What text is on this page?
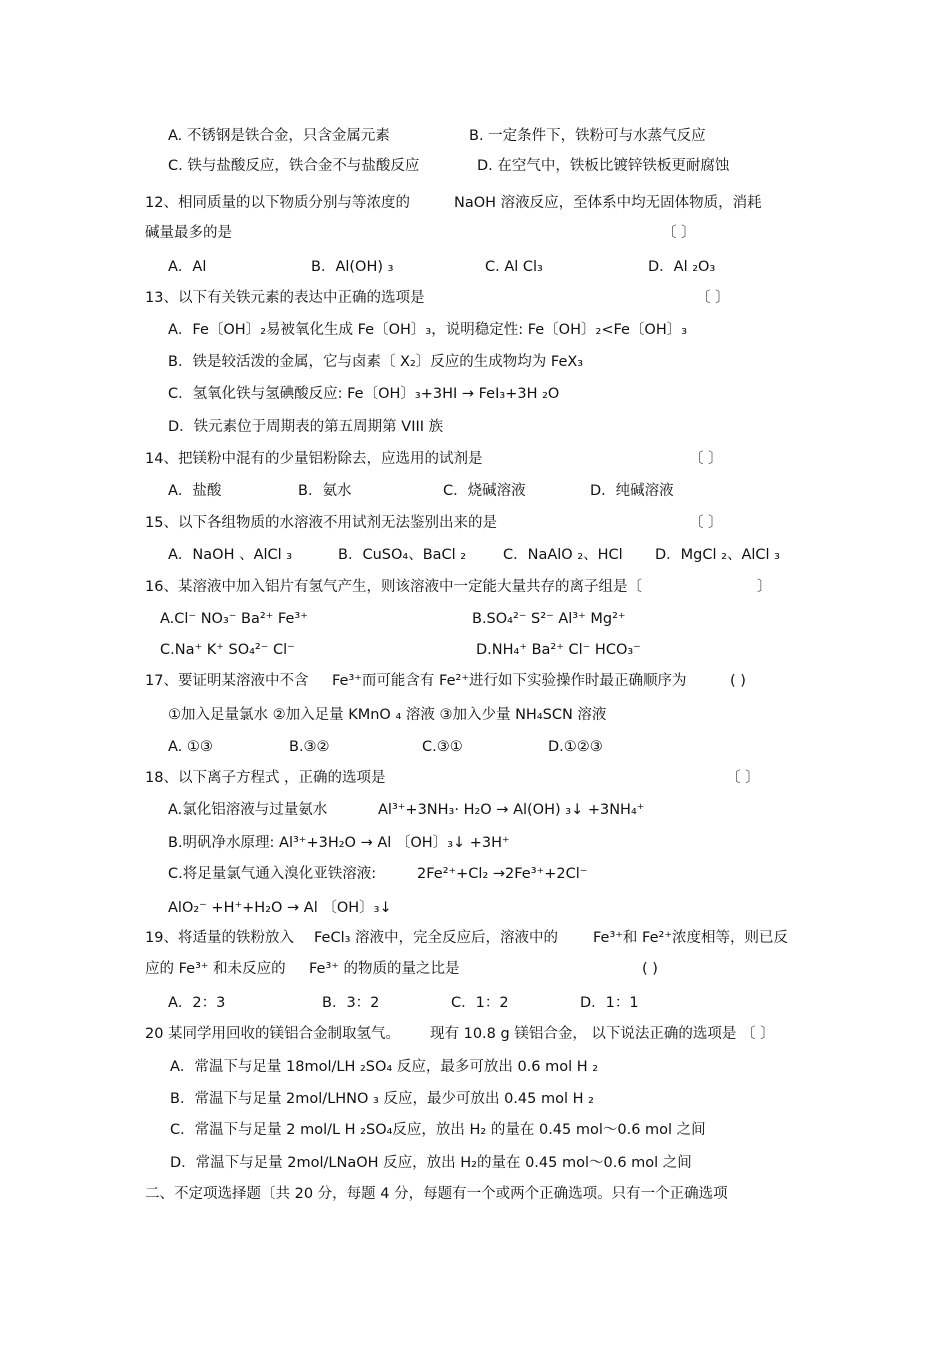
A. 不锈钢是铁合金，只含金属元素	B. 一定条件下，铁粉可与水蒸气反应
C. 铁与盐酸反应，铁合金不与盐酸反应	D. 在空气中，铁板比镀锌铁板更耐腐蚀
12、相同质量的以下物质分别与等浓度的	NaOH 溶液反应，至体系中均无固体物质，消耗
碱量最多的是	〔 〕
A．Al	B．Al(OH) ₃	C. Al Cl₃	D．Al ₂O₃
13、以下有关铁元素的表达中正确的选项是	〔 〕
A．Fe〔OH〕₂易被氧化生成 Fe〔OH〕₃，说明稳定性: Fe〔OH〕₂<Fe〔OH〕₃
B．铁是较活泼的金属，它与卤素〔 X₂〕反应的生成物均为 FeX₃
C．氢氧化铁与氢碘酸反应: Fe〔OH〕₃+3HI → FeI₃+3H ₂O
D．铁元素位于周期表的第五周期第 VIII 族
14、把镁粉中混有的少量铝粉除去，应选用的试剂是	〔 〕
A．盐酸	B．氨水	C．烧碱溶液	D．纯碱溶液
15、以下各组物质的水溶液不用试剂无法鉴别出来的是	〔 〕
A．NaOH 、AlCl ₃	B．CuSO₄、BaCl ₂	C．NaAlO ₂、HCl D．MgCl ₂、AlCl ₃
16、某溶液中加入铝片有氢气产生，则该溶液中一定能大量共存的离子组是〔	〕
A.Cl⁻ NO₃⁻ Ba²⁺ Fe³⁺	B.SO₄²⁻ S²⁻ Al³⁺ Mg²⁺
C.Na⁺ K⁺ SO₄²⁻ Cl⁻	D.NH₄⁺ Ba²⁺ Cl⁻ HCO₃⁻
17、要证明某溶液中不含 Fe³⁺而可能含有 Fe²⁺进行如下实验操作时最正确顺序为	( )
①加入足量氯水 ②加入足量 KMnO ₄ 溶液 ③加入少量 NH₄SCN 溶液
A. ①③	B.③②	C.③①	D.①②③
18、以下离子方程式 ，正确的选项是	〔 〕
A.氯化铝溶液与过量氨水	Al³⁺+3NH₃· H₂O → Al(OH) ₃↓ +3NH₄⁺
B.明矾净水原理: Al³⁺+3H₂O → Al 〔OH〕₃↓ +3H⁺
C.将足量氯气通入溴化亚铁溶液:	2Fe²⁺+Cl₂ →2Fe³⁺+2Cl⁻
AlO₂⁻ +H⁺+H₂O → Al 〔OH〕₃↓
19、将适量的铁粉放入 FeCl₃ 溶液中，完全反应后，溶液中的 Fe³⁺和 Fe²⁺浓度相等，则已反
应的 Fe³⁺ 和未反应的 Fe³⁺ 的物质的量之比是	( )
A．2：3	B．3：2	C．1：2	D．1：1
20 某同学用回收的镁铝合金制取氢气。 现有 10.8 g 镁铝合金， 以下说法正确的选项是 〔 〕
A．常温下与足量 18mol/LH ₂SO₄ 反应，最多可放出 0.6 mol H ₂
B．常温下与足量 2mol/LHNO ₃ 反应，最少可放出 0.45 mol H ₂
C．常温下与足量 2 mol/L H ₂SO₄反应，放出 H₂ 的量在 0.45 mol～0.6 mol 之间
D．常温下与足量 2mol/LNaOH 反应，放出 H₂的量在 0.45 mol～0.6 mol 之间
二、不定项选择题〔共 20 分，每题 4 分，每题有一个或两个正确选项。只有一个正确选项
